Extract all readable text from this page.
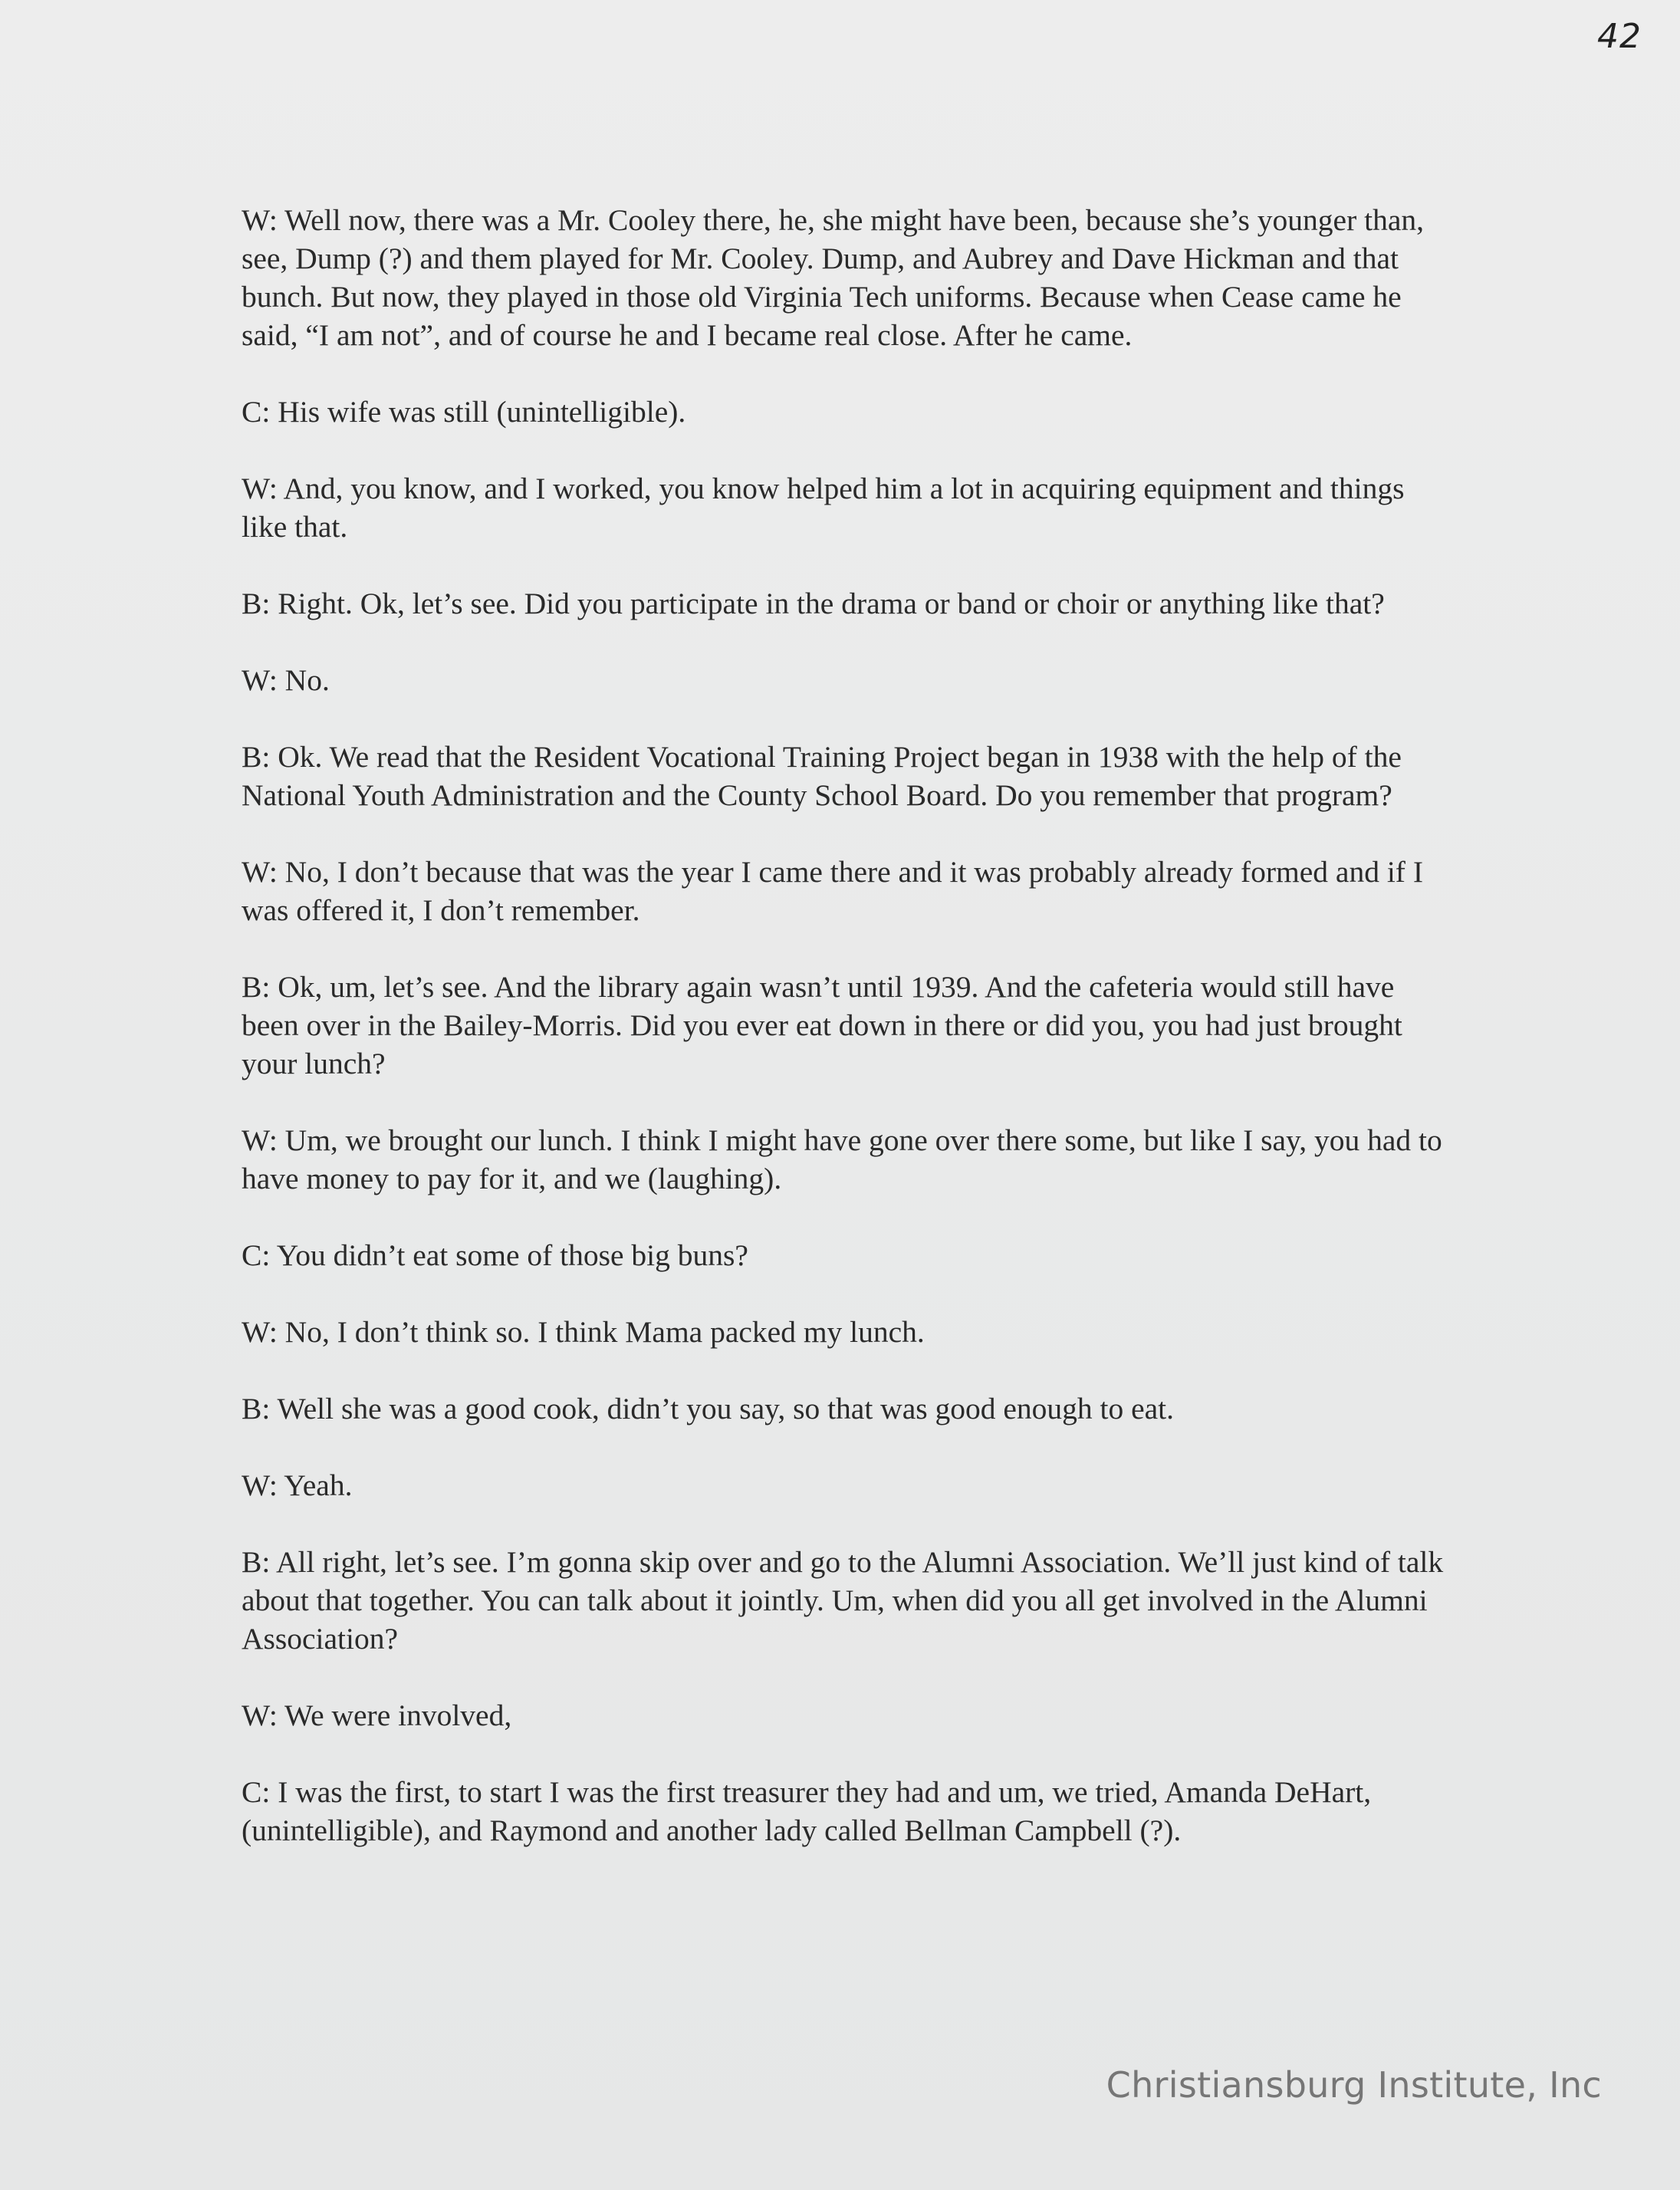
42

W: Well now, there was a Mr. Cooley there, he, she might have been, because she’s younger than, see, Dump (?) and them played for Mr. Cooley. Dump, and Aubrey and Dave Hickman and that bunch. But now, they played in those old Virginia Tech uniforms. Because when Cease came he said, “I am not”, and of course he and I became real close. After he came.

C: His wife was still (unintelligible).

W: And, you know, and I worked, you know helped him a lot in acquiring equipment and things like that.

B: Right. Ok, let’s see. Did you participate in the drama or band or choir or anything like that?

W: No.

B: Ok. We read that the Resident Vocational Training Project began in 1938 with the help of the National Youth Administration and the County School Board. Do you remember that program?

W: No, I don’t because that was the year I came there and it was probably already formed and if I was offered it, I don’t remember.

B: Ok, um, let’s see. And the library again wasn’t until 1939. And the cafeteria would still have been over in the Bailey-Morris. Did you ever eat down in there or did you, you had just brought your lunch?

W: Um, we brought our lunch. I think I might have gone over there some, but like I say, you had to have money to pay for it, and we (laughing).

C: You didn’t eat some of those big buns?

W: No, I don’t think so. I think Mama packed my lunch.

B: Well she was a good cook, didn’t you say, so that was good enough to eat.

W: Yeah.

B: All right, let’s see. I’m gonna skip over and go to the Alumni Association. We’ll just kind of talk about that together. You can talk about it jointly. Um, when did you all get involved in the Alumni Association?

W: We were involved,

C: I was the first, to start I was the first treasurer they had and um, we tried, Amanda DeHart, (unintelligible), and Raymond and another lady called Bellman Campbell (?).

Christiansburg Institute, Inc
